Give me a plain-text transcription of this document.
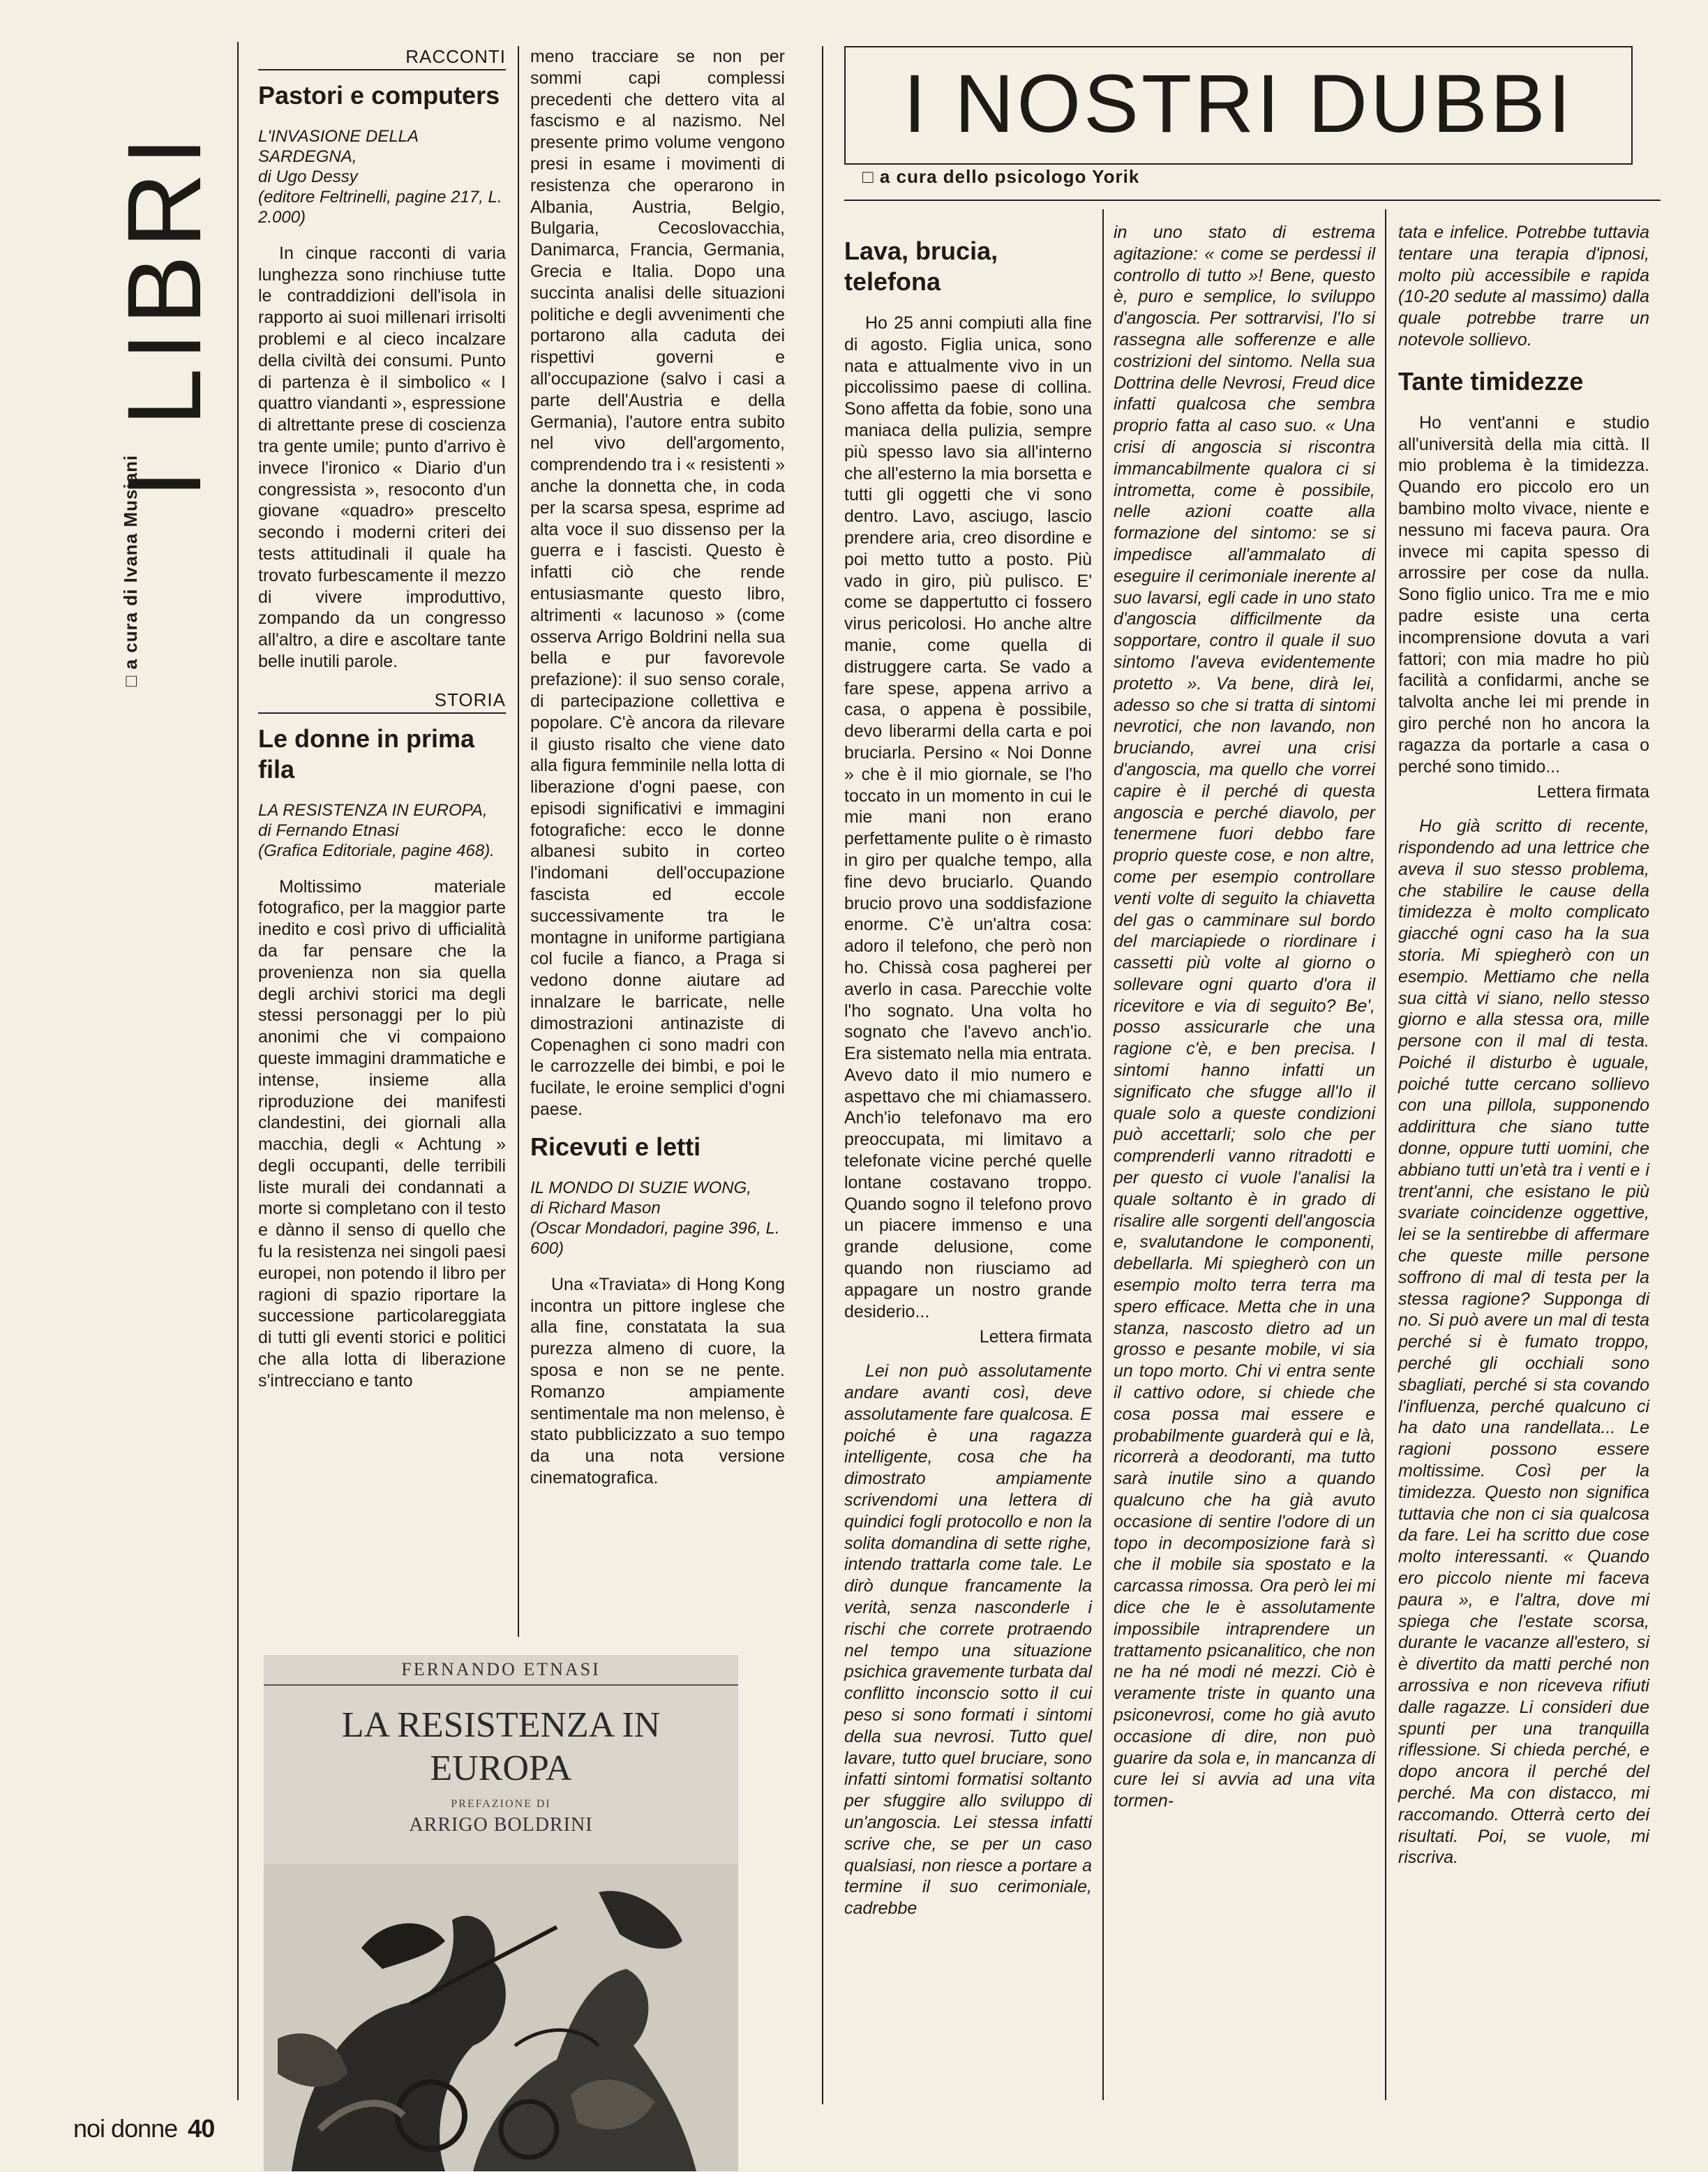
I LIBRI
□ a cura di Ivana Musiani
RACCONTI
Pastori e computers
L'INVASIONE DELLA SARDEGNA,
di Ugo Dessy
(editore Feltrinelli, pagine 217, L. 2.000)

In cinque racconti di varia lunghezza sono rinchiuse tutte le contraddizioni dell'isola in rapporto ai suoi millenari irrisolti problemi e al cieco incalzare della civiltà dei consumi. Punto di partenza è il simbolico « I quattro viandanti », espressione di altrettante prese di coscienza tra gente umile; punto d'arrivo è invece l'ironico « Diario d'un congressista », resoconto d'un giovane «quadro» prescelto secondo i moderni criteri dei tests attitudinali il quale ha trovato furbescamente il mezzo di vivere improduttivo, zompando da un congresso all'altro, a dire e ascoltare tante belle inutili parole.

STORIA
Le donne in prima fila
LA RESISTENZA IN EUROPA,
di Fernando Etnasi
(Grafica Editoriale, pagine 468).

Moltissimo materiale fotografico, per la maggior parte inedito e così privo di ufficialità da far pensare che la provenienza non sia quella degli archivi storici ma degli stessi personaggi per lo più anonimi che vi compaiono queste immagini drammatiche e intense, insieme alla riproduzione dei manifesti clandestini, dei giornali alla macchia, degli « Achtung » degli occupanti, delle terribili liste murali dei condannati a morte si completano con il testo e dànno il senso di quello che fu la resistenza nei singoli paesi europei, non potendo il libro per ragioni di spazio riportare la successione particolareggiata di tutti gli eventi storici e politici che alla lotta di liberazione s'intrecciano e tanto

meno tracciare se non per sommi capi complessi precedenti che dettero vita al fascismo e al nazismo. Nel presente primo volume vengono presi in esame i movimenti di resistenza che operarono in Albania, Austria, Belgio, Bulgaria, Cecoslovacchia, Danimarca, Francia, Germania, Grecia e Italia. Dopo una succinta analisi delle situazioni politiche e degli avvenimenti che portarono alla caduta dei rispettivi governi e all'occupazione (salvo i casi a parte dell'Austria e della Germania), l'autore entra subito nel vivo dell'argomento, comprendendo tra i « resistenti » anche la donnetta che, in coda per la scarsa spesa, esprime ad alta voce il suo dissenso per la guerra e i fascisti. Questo è infatti ciò che rende entusiasmante questo libro, altrimenti « lacunoso » (come osserva Arrigo Boldrini nella sua bella e pur favorevole prefazione): il suo senso corale, di partecipazione collettiva e popolare. C'è ancora da rilevare il giusto risalto che viene dato alla figura femminile nella lotta di liberazione d'ogni paese, con episodi significativi e immagini fotografiche: ecco le donne albanesi subito in corteo l'indomani dell'occupazione fascista ed eccole successivamente tra le montagne in uniforme partigiana col fucile a fianco, a Praga si vedono donne aiutare ad innalzare le barricate, nelle dimostrazioni antinaziste di Copenaghen ci sono madri con le carrozzelle dei bimbi, e poi le fucilate, le eroine semplici d'ogni paese.

Ricevuti e letti
IL MONDO DI SUZIE WONG,
di Richard Mason
(Oscar Mondadori, pagine 396, L. 600)

Una «Traviata» di Hong Kong incontra un pittore inglese che alla fine, constatata la sua purezza almeno di cuore, la sposa e non se ne pente. Romanzo ampiamente sentimentale ma non melenso, è stato pubblicizzato a suo tempo da una nota versione cinematografica.

FERNANDO ETNASI
LA RESISTENZA IN EUROPA
PREFAZIONE DI
ARRIGO BOLDRINI
I NOSTRI DUBBI
□ a cura dello psicologo Yorik
Lava, brucia, telefona

Ho 25 anni compiuti alla fine di agosto. Figlia unica, sono nata e attualmente vivo in un piccolissimo paese di collina. Sono affetta da fobie, sono una maniaca della pulizia, sempre più spesso lavo sia all'interno che all'esterno la mia borsetta e tutti gli oggetti che vi sono dentro. Lavo, asciugo, lascio prendere aria, creo disordine e poi metto tutto a posto. Più vado in giro, più pulisco. E' come se dappertutto ci fossero virus pericolosi. Ho anche altre manie, come quella di distruggere carta. Se vado a fare spese, appena arrivo a casa, o appena è possibile, devo liberarmi della carta e poi bruciarla. Persino « Noi Donne » che è il mio giornale, se l'ho toccato in un momento in cui le mie mani non erano perfettamente pulite o è rimasto in giro per qualche tempo, alla fine devo bruciarlo. Quando brucio provo una soddisfazione enorme. C'è un'altra cosa: adoro il telefono, che però non ho. Chissà cosa pagherei per averlo in casa. Parecchie volte l'ho sognato. Una volta ho sognato che l'avevo anch'io. Era sistemato nella mia entrata. Avevo dato il mio numero e aspettavo che mi chiamassero. Anch'io telefonavo ma ero preoccupata, mi limitavo a telefonate vicine perché quelle lontane costavano troppo. Quando sogno il telefono provo un piacere immenso e una grande delusione, come quando non riusciamo ad appagare un nostro grande desiderio...

Lettera firmata

Lei non può assolutamente andare avanti così, deve assolutamente fare qualcosa. E poiché è una ragazza intelligente, cosa che ha dimostrato ampiamente scrivendomi una lettera di quindici fogli protocollo e non la solita domandina di sette righe, intendo trattarla come tale. Le dirò dunque francamente la verità, senza nasconderle i rischi che correte protraendo nel tempo una situazione psichica gravemente turbata dal conflitto inconscio sotto il cui peso si sono formati i sintomi della sua nevrosi. Tutto quel lavare, tutto quel bruciare, sono infatti sintomi formatisi soltanto per sfuggire allo sviluppo di un'angoscia. Lei stessa infatti scrive che, se per un caso qualsiasi, non riesce a portare a termine il suo cerimoniale, cadrebbe

in uno stato di estrema agitazione: « come se perdessi il controllo di tutto »! Bene, questo è, puro e semplice, lo sviluppo d'angoscia. Per sottrarvisi, l'Io si rassegna alle sofferenze e alle costrizioni del sintomo. Nella sua Dottrina delle Nevrosi, Freud dice infatti qualcosa che sembra proprio fatta al caso suo. « Una crisi di angoscia si riscontra immancabilmente qualora ci si intrometta, come è possibile, nelle azioni coatte alla formazione del sintomo: se si impedisce all'ammalato di eseguire il cerimoniale inerente al suo lavarsi, egli cade in uno stato d'angoscia difficilmente da sopportare, contro il quale il suo sintomo l'aveva evidentemente protetto ». Va bene, dirà lei, adesso so che si tratta di sintomi nevrotici, che non lavando, non bruciando, avrei una crisi d'angoscia, ma quello che vorrei capire è il perché di questa angoscia e perché diavolo, per tenermene fuori debbo fare proprio queste cose, e non altre, come per esempio controllare venti volte di seguito la chiavetta del gas o camminare sul bordo del marciapiede o riordinare i cassetti più volte al giorno o sollevare ogni quarto d'ora il ricevitore e via di seguito? Be', posso assicurarle che una ragione c'è, e ben precisa. I sintomi hanno infatti un significato che sfugge all'Io il quale solo a queste condizioni può accettarli; solo che per comprenderli vanno ritradotti e per questo ci vuole l'analisi la quale soltanto è in grado di risalire alle sorgenti dell'angoscia e, svalutandone le componenti, debellarla. Mi spiegherò con un esempio molto terra terra ma spero efficace. Metta che in una stanza, nascosto dietro ad un grosso e pesante mobile, vi sia un topo morto. Chi vi entra sente il cattivo odore, si chiede che cosa possa mai essere e probabilmente guarderà qui e là, ricorrerà a deodoranti, ma tutto sarà inutile sino a quando qualcuno che ha già avuto occasione di sentire l'odore di un topo in decomposizione farà sì che il mobile sia spostato e la carcassa rimossa. Ora però lei mi dice che le è assolutamente impossibile intraprendere un trattamento psicanalitico, che non ne ha né modi né mezzi. Ciò è veramente triste in quanto una psiconevrosi, come ho già avuto occasione di dire, non può guarire da sola e, in mancanza di cure lei si avvia ad una vita tormen-

tata e infelice. Potrebbe tuttavia tentare una terapia d'ipnosi, molto più accessibile e rapida (10-20 sedute al massimo) dalla quale potrebbe trarre un notevole sollievo.

Tante timidezze

Ho vent'anni e studio all'università della mia città. Il mio problema è la timidezza. Quando ero piccolo ero un bambino molto vivace, niente e nessuno mi faceva paura. Ora invece mi capita spesso di arrossire per cose da nulla. Sono figlio unico. Tra me e mio padre esiste una certa incomprensione dovuta a vari fattori; con mia madre ho più facilità a confidarmi, anche se talvolta anche lei mi prende in giro perché non ho ancora la ragazza da portarle a casa o perché sono timido...

Lettera firmata

Ho già scritto di recente, rispondendo ad una lettrice che aveva il suo stesso problema, che stabilire le cause della timidezza è molto complicato giacché ogni caso ha la sua storia. Mi spiegherò con un esempio. Mettiamo che nella sua città vi siano, nello stesso giorno e alla stessa ora, mille persone con il mal di testa. Poiché il disturbo è uguale, poiché tutte cercano sollievo con una pillola, supponendo addirittura che siano tutte donne, oppure tutti uomini, che abbiano tutti un'età tra i venti e i trent'anni, che esistano le più svariate coincidenze oggettive, lei se la sentirebbe di affermare che queste mille persone soffrono di mal di testa per la stessa ragione? Supponga di no. Si può avere un mal di testa perché si è fumato troppo, perché gli occhiali sono sbagliati, perché si sta covando l'influenza, perché qualcuno ci ha dato una randellata... Le ragioni possono essere moltissime. Così per la timidezza. Questo non significa tuttavia che non ci sia qualcosa da fare. Lei ha scritto due cose molto interessanti. « Quando ero piccolo niente mi faceva paura », e l'altra, dove mi spiega che l'estate scorsa, durante le vacanze all'estero, si è divertito da matti perché non arrossiva e non riceveva rifiuti dalle ragazze. Li consideri due spunti per una tranquilla riflessione. Si chieda perché, e dopo ancora il perché del perché. Ma con distacco, mi raccomando. Otterrà certo dei risultati. Poi, se vuole, mi riscriva.

noi donne 40
